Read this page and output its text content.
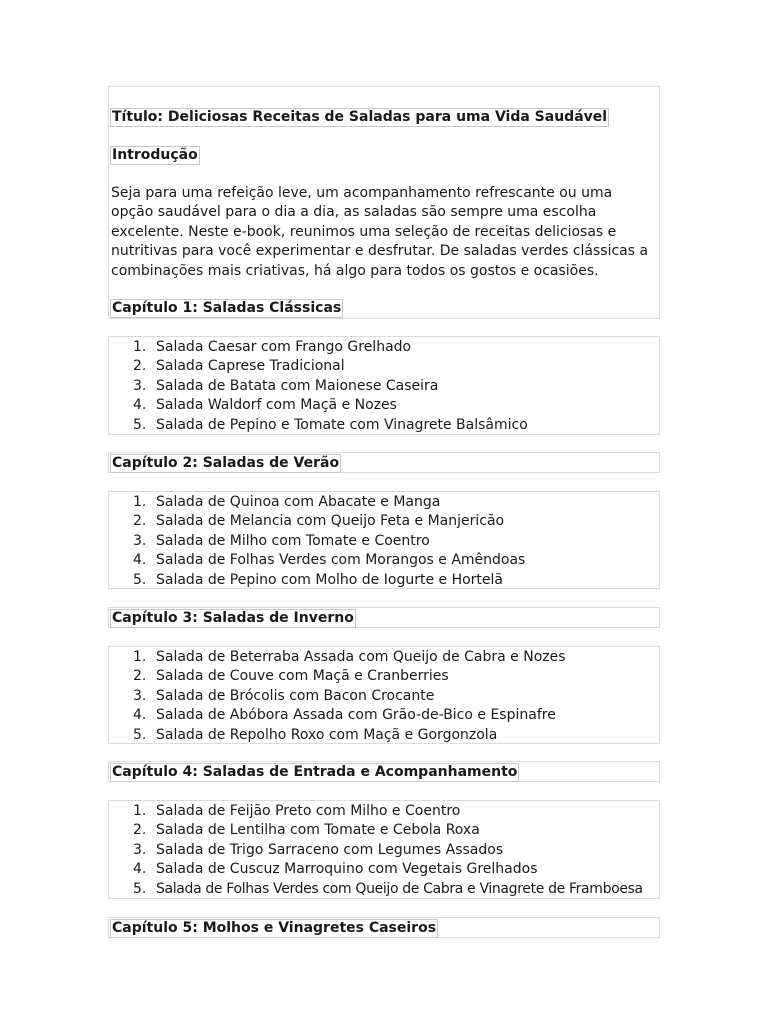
Título: Deliciosas Receitas de Saladas para uma Vida Saudável
Introdução

Seja para uma refeição leve, um acompanhamento refrescante ou uma opção saudável para o dia a dia, as saladas são sempre uma escolha excelente. Neste e-book, reunimos uma seleção de receitas deliciosas e nutritivas para você experimentar e desfrutar. De saladas verdes clássicas a combinações mais criativas, há algo para todos os gostos e ocasiões.

Capítulo 1: Saladas Clássicas
1. Salada Caesar com Frango Grelhado
2. Salada Caprese Tradicional
3. Salada de Batata com Maionese Caseira
4. Salada Waldorf com Maçã e Nozes
5. Salada de Pepino e Tomate com Vinagrete Balsâmico
Capítulo 2: Saladas de Verão
1. Salada de Quinoa com Abacate e Manga
2. Salada de Melancia com Queijo Feta e Manjericão
3. Salada de Milho com Tomate e Coentro
4. Salada de Folhas Verdes com Morangos e Amêndoas
5. Salada de Pepino com Molho de Iogurte e Hortelã
Capítulo 3: Saladas de Inverno
1. Salada de Beterraba Assada com Queijo de Cabra e Nozes
2. Salada de Couve com Maçã e Cranberries
3. Salada de Brócolis com Bacon Crocante
4. Salada de Abóbora Assada com Grão-de-Bico e Espinafre
5. Salada de Repolho Roxo com Maçã e Gorgonzola
Capítulo 4: Saladas de Entrada e Acompanhamento
1. Salada de Feijão Preto com Milho e Coentro
2. Salada de Lentilha com Tomate e Cebola Roxa
3. Salada de Trigo Sarraceno com Legumes Assados
4. Salada de Cuscuz Marroquino com Vegetais Grelhados
5. Salada de Folhas Verdes com Queijo de Cabra e Vinagrete de Framboesa
Capítulo 5: Molhos e Vinagretes Caseiros
